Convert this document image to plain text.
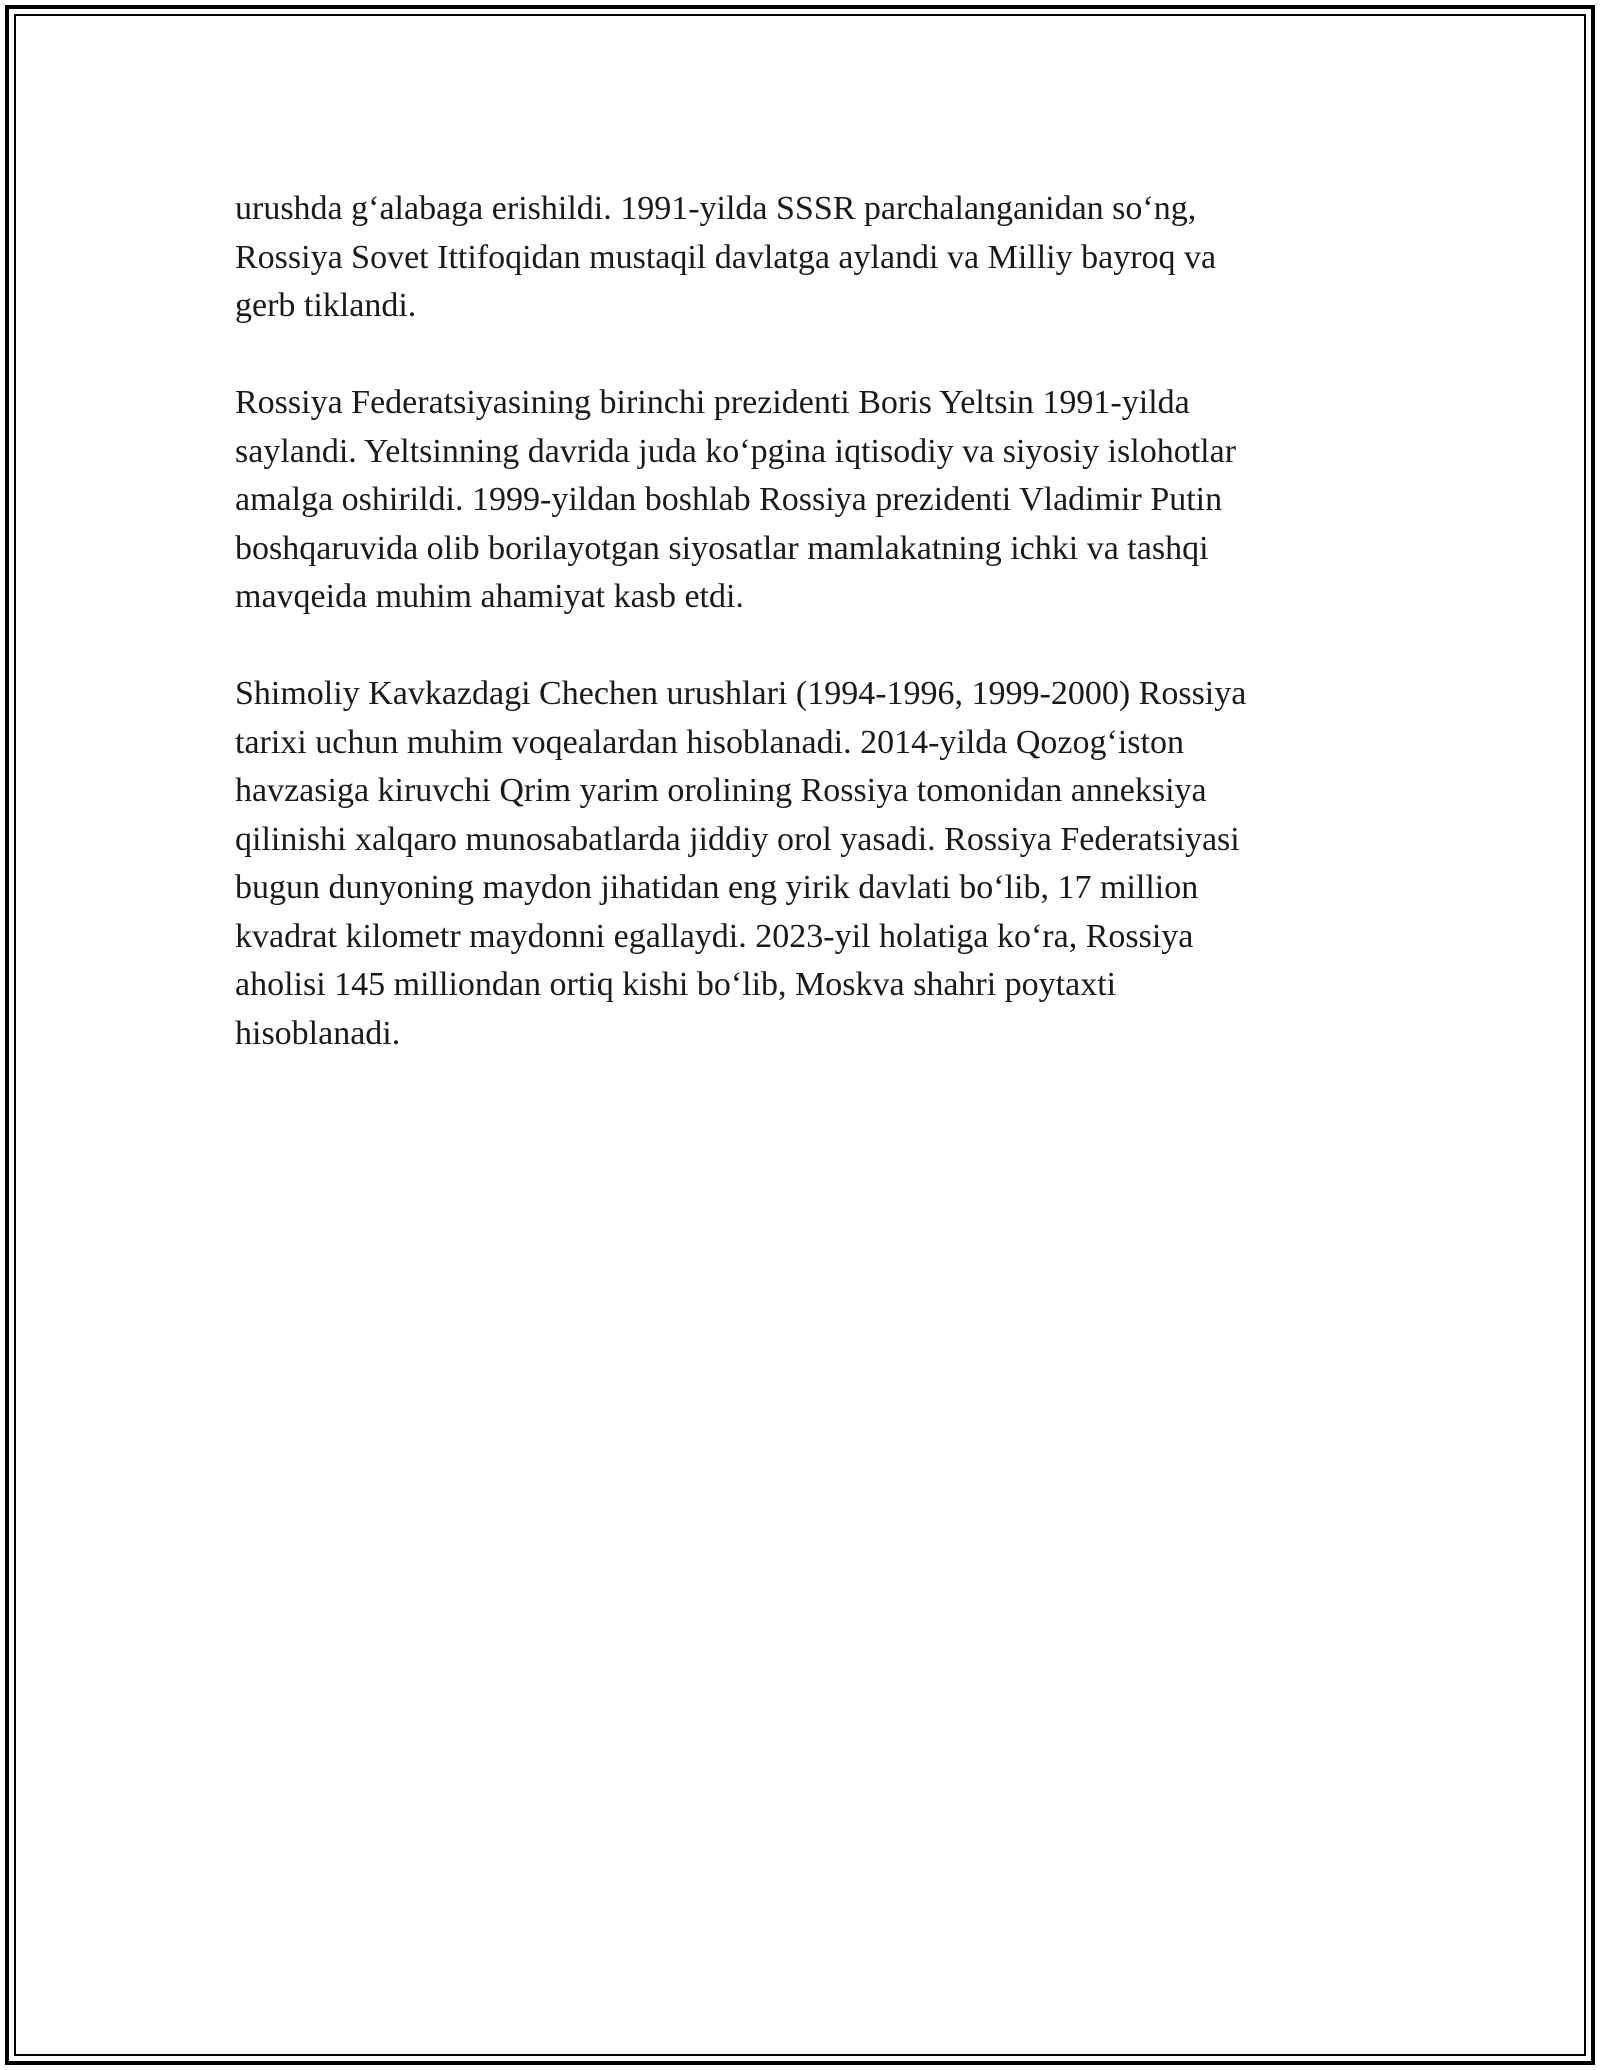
urushda g‘alabaga erishildi. 1991-yilda SSSR parchalanganidan so‘ng,
Rossiya Sovet Ittifoqidan mustaqil davlatga aylandi va Milliy bayroq va
gerb tiklandi.

Rossiya Federatsiyasining birinchi prezidenti Boris Yeltsin 1991-yilda
saylandi. Yeltsinning davrida juda ko‘pgina iqtisodiy va siyosiy islohotlar
amalga oshirildi. 1999-yildan boshlab Rossiya prezidenti Vladimir Putin
boshqaruvida olib borilayotgan siyosatlar mamlakatning ichki va tashqi
mavqeida muhim ahamiyat kasb etdi.

Shimoliy Kavkazdagi Chechen urushlari (1994-1996, 1999-2000) Rossiya
tarixi uchun muhim voqealardan hisoblanadi. 2014-yilda Qozog‘iston
havzasiga kiruvchi Qrim yarim orolining Rossiya tomonidan anneksiya
qilinishi xalqaro munosabatlarda jiddiy orol yasadi. Rossiya Federatsiyasi
bugun dunyoning maydon jihatidan eng yirik davlati bo‘lib, 17 million
kvadrat kilometr maydonni egallaydi. 2023-yil holatiga ko‘ra, Rossiya
aholisi 145 milliondan ortiq kishi bo‘lib, Moskva shahri poytaxti
hisoblanadi.
